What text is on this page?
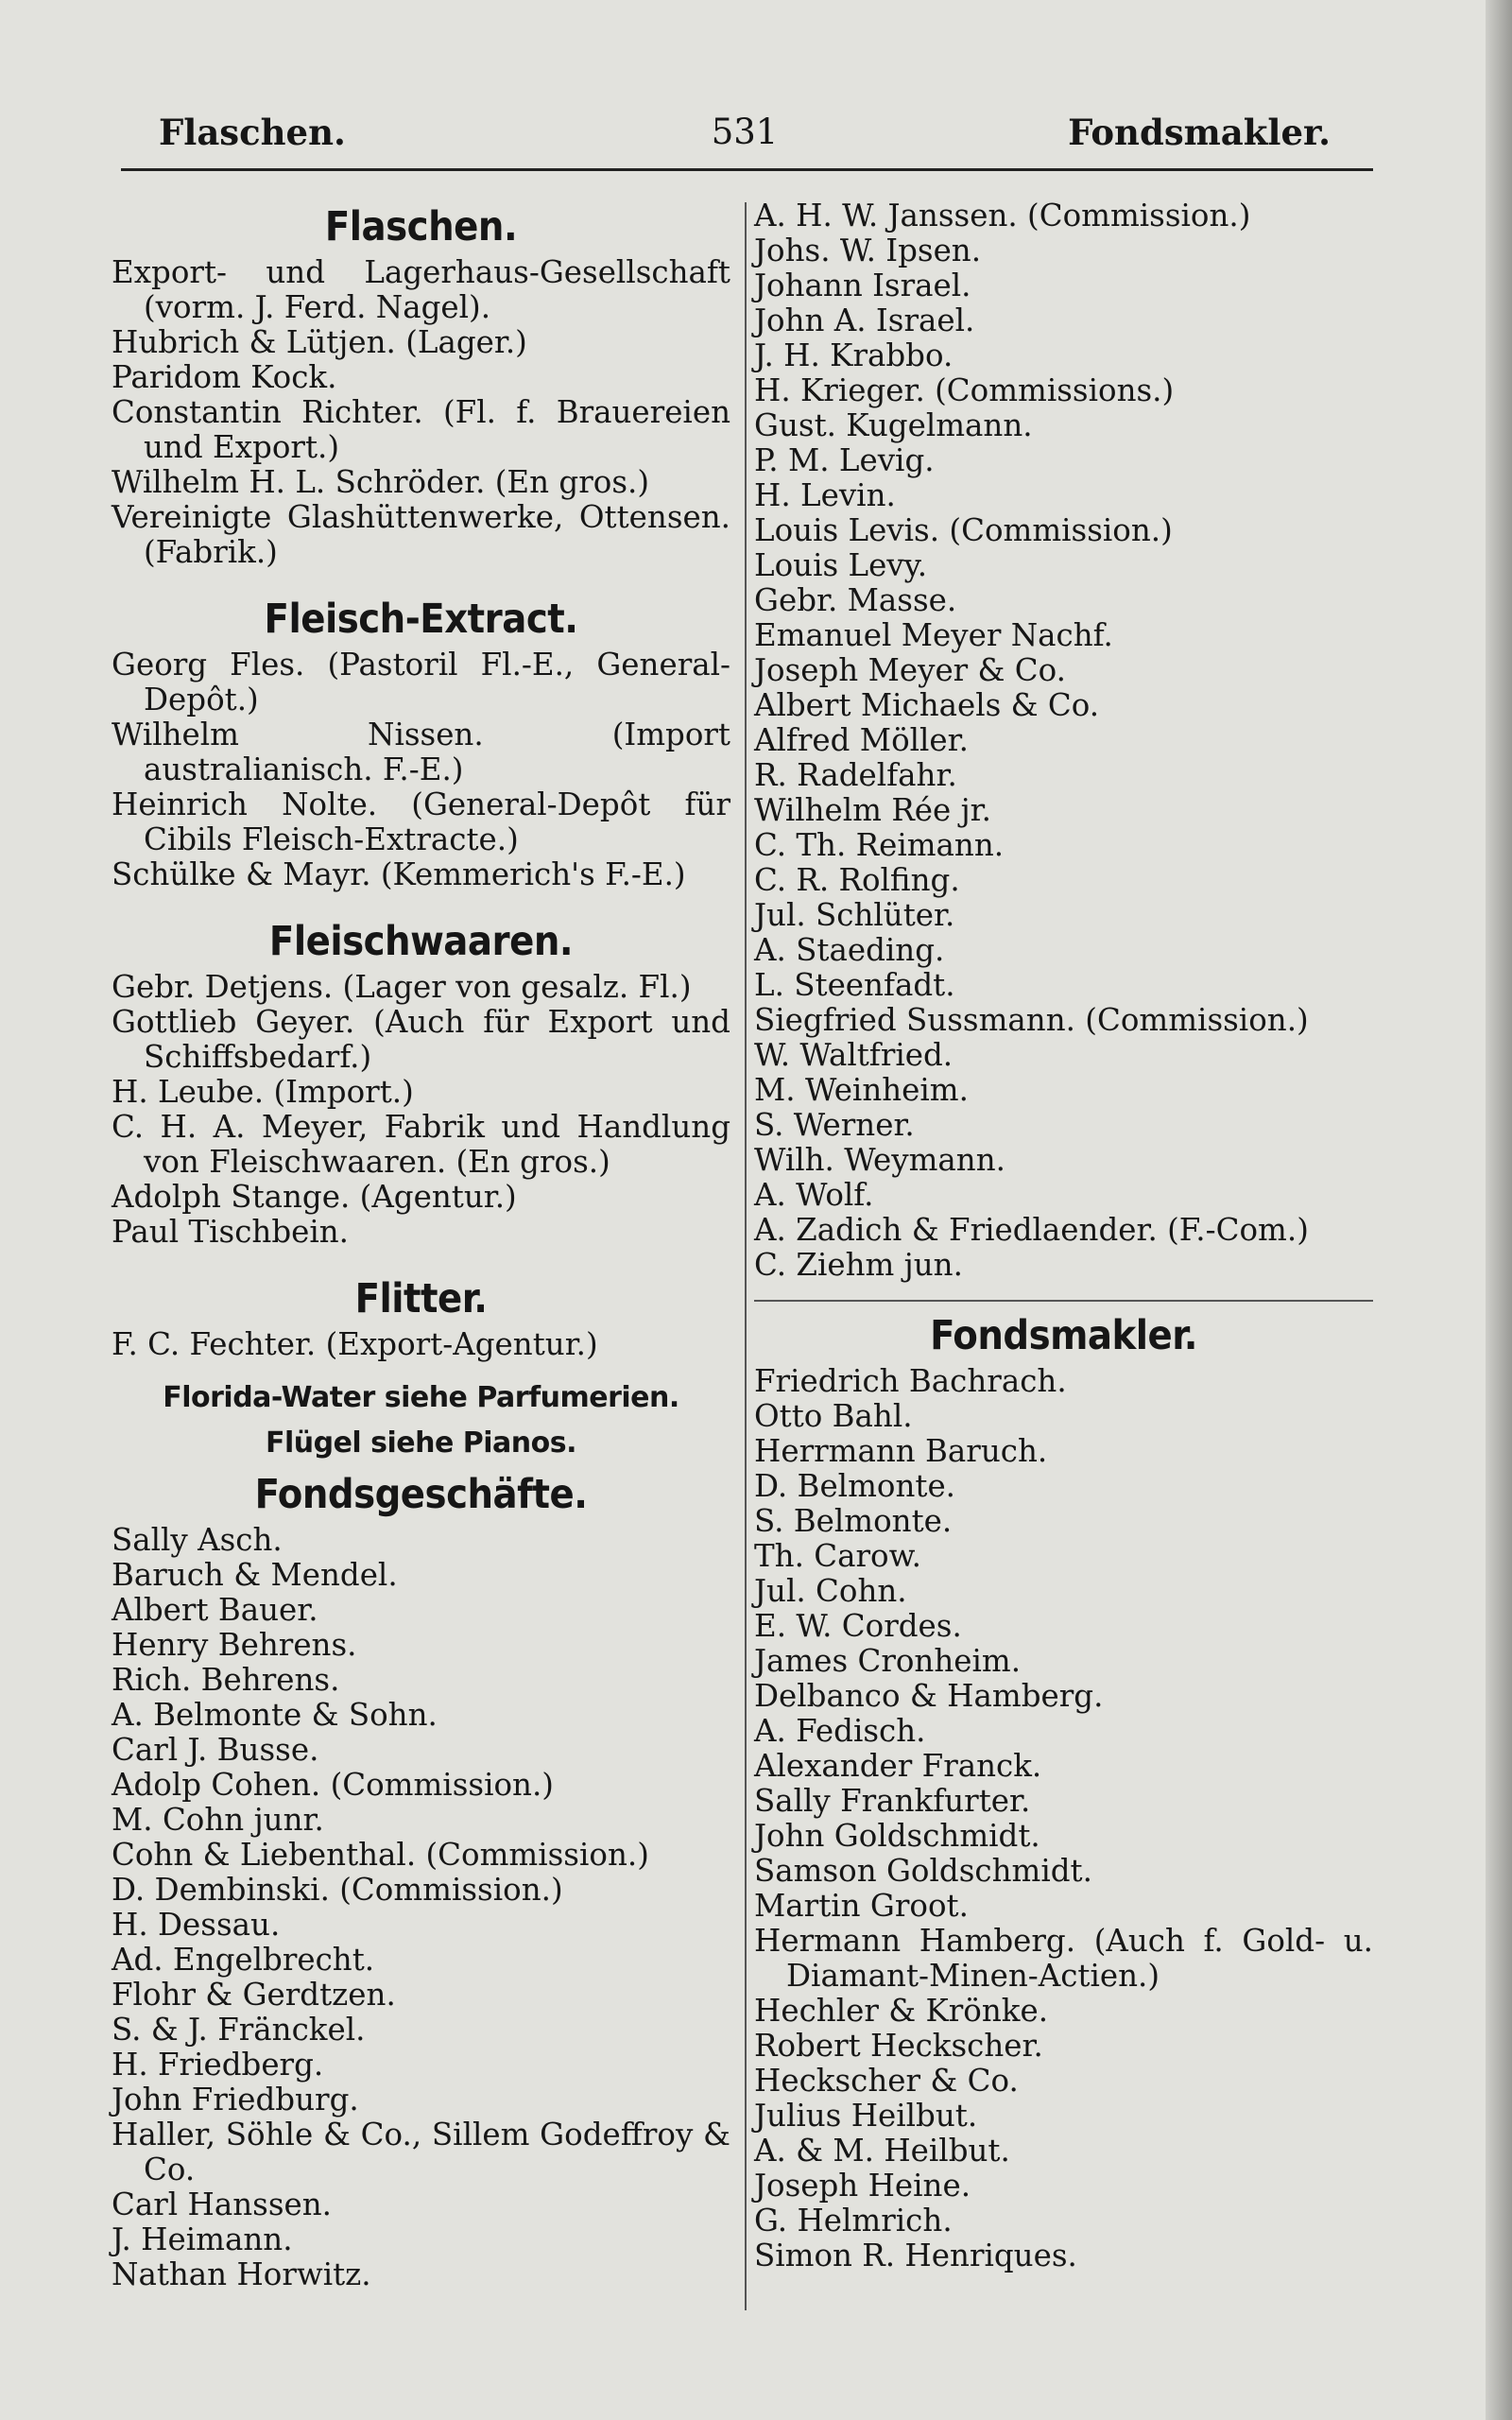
Flaschen.	531	Fondsmakler.
Flaschen.

Export- und Lagerhaus-Gesellschaft (vorm. J. Ferd. Nagel).

Hubrich & Lütjen. (Lager.)

Paridom Kock.

Constantin Richter. (Fl. f. Brauereien und Export.)

Wilhelm H. L. Schröder. (En gros.)

Vereinigte Glashüttenwerke, Ottensen. (Fabrik.)

Fleisch-Extract.

Georg Fles. (Pastoril Fl.-E., General-Depôt.)

Wilhelm Nissen. (Import australianisch. F.-E.)

Heinrich Nolte. (General-Depôt für Cibils Fleisch-Extracte.)

Schülke & Mayr. (Kemmerich's F.-E.)

Fleischwaaren.

Gebr. Detjens. (Lager von gesalz. Fl.)

Gottlieb Geyer. (Auch für Export und Schiffsbedarf.)

H. Leube. (Import.)

C. H. A. Meyer, Fabrik und Handlung von Fleischwaaren. (En gros.)

Adolph Stange. (Agentur.)

Paul Tischbein.

Flitter.

F. C. Fechter. (Export-Agentur.)

Florida-Water siehe Parfumerien.
Flügel siehe Pianos.
Fondsgeschäfte.

Sally Asch.

Baruch & Mendel.

Albert Bauer.

Henry Behrens.

Rich. Behrens.

A. Belmonte & Sohn.

Carl J. Busse.

Adolp Cohen. (Commission.)

M. Cohn junr.

Cohn & Liebenthal. (Commission.)

D. Dembinski. (Commission.)

H. Dessau.

Ad. Engelbrecht.

Flohr & Gerdtzen.

S. & J. Fränckel.

H. Friedberg.

John Friedburg.

Haller, Söhle & Co., Sillem Godeffroy & Co.

Carl Hanssen.

J. Heimann.

Nathan Horwitz.

A. H. W. Janssen. (Commission.)

Johs. W. Ipsen.

Johann Israel.

John A. Israel.

J. H. Krabbo.

H. Krieger. (Commissions.)

Gust. Kugelmann.

P. M. Levig.

H. Levin.

Louis Levis. (Commission.)

Louis Levy.

Gebr. Masse.

Emanuel Meyer Nachf.

Joseph Meyer & Co.

Albert Michaels & Co.

Alfred Möller.

R. Radelfahr.

Wilhelm Rée jr.

C. Th. Reimann.

C. R. Rolfing.

Jul. Schlüter.

A. Staeding.

L. Steenfadt.

Siegfried Sussmann. (Commission.)

W. Waltfried.

M. Weinheim.

S. Werner.

Wilh. Weymann.

A. Wolf.

A. Zadich & Friedlaender. (F.-Com.)

C. Ziehm jun.

Fondsmakler.

Friedrich Bachrach.

Otto Bahl.

Herrmann Baruch.

D. Belmonte.

S. Belmonte.

Th. Carow.

Jul. Cohn.

E. W. Cordes.

James Cronheim.

Delbanco & Hamberg.

A. Fedisch.

Alexander Franck.

Sally Frankfurter.

John Goldschmidt.

Samson Goldschmidt.

Martin Groot.

Hermann Hamberg. (Auch f. Gold- u. Diamant-Minen-Actien.)

Hechler & Krönke.

Robert Heckscher.

Heckscher & Co.

Julius Heilbut.

A. & M. Heilbut.

Joseph Heine.

G. Helmrich.

Simon R. Henriques.
